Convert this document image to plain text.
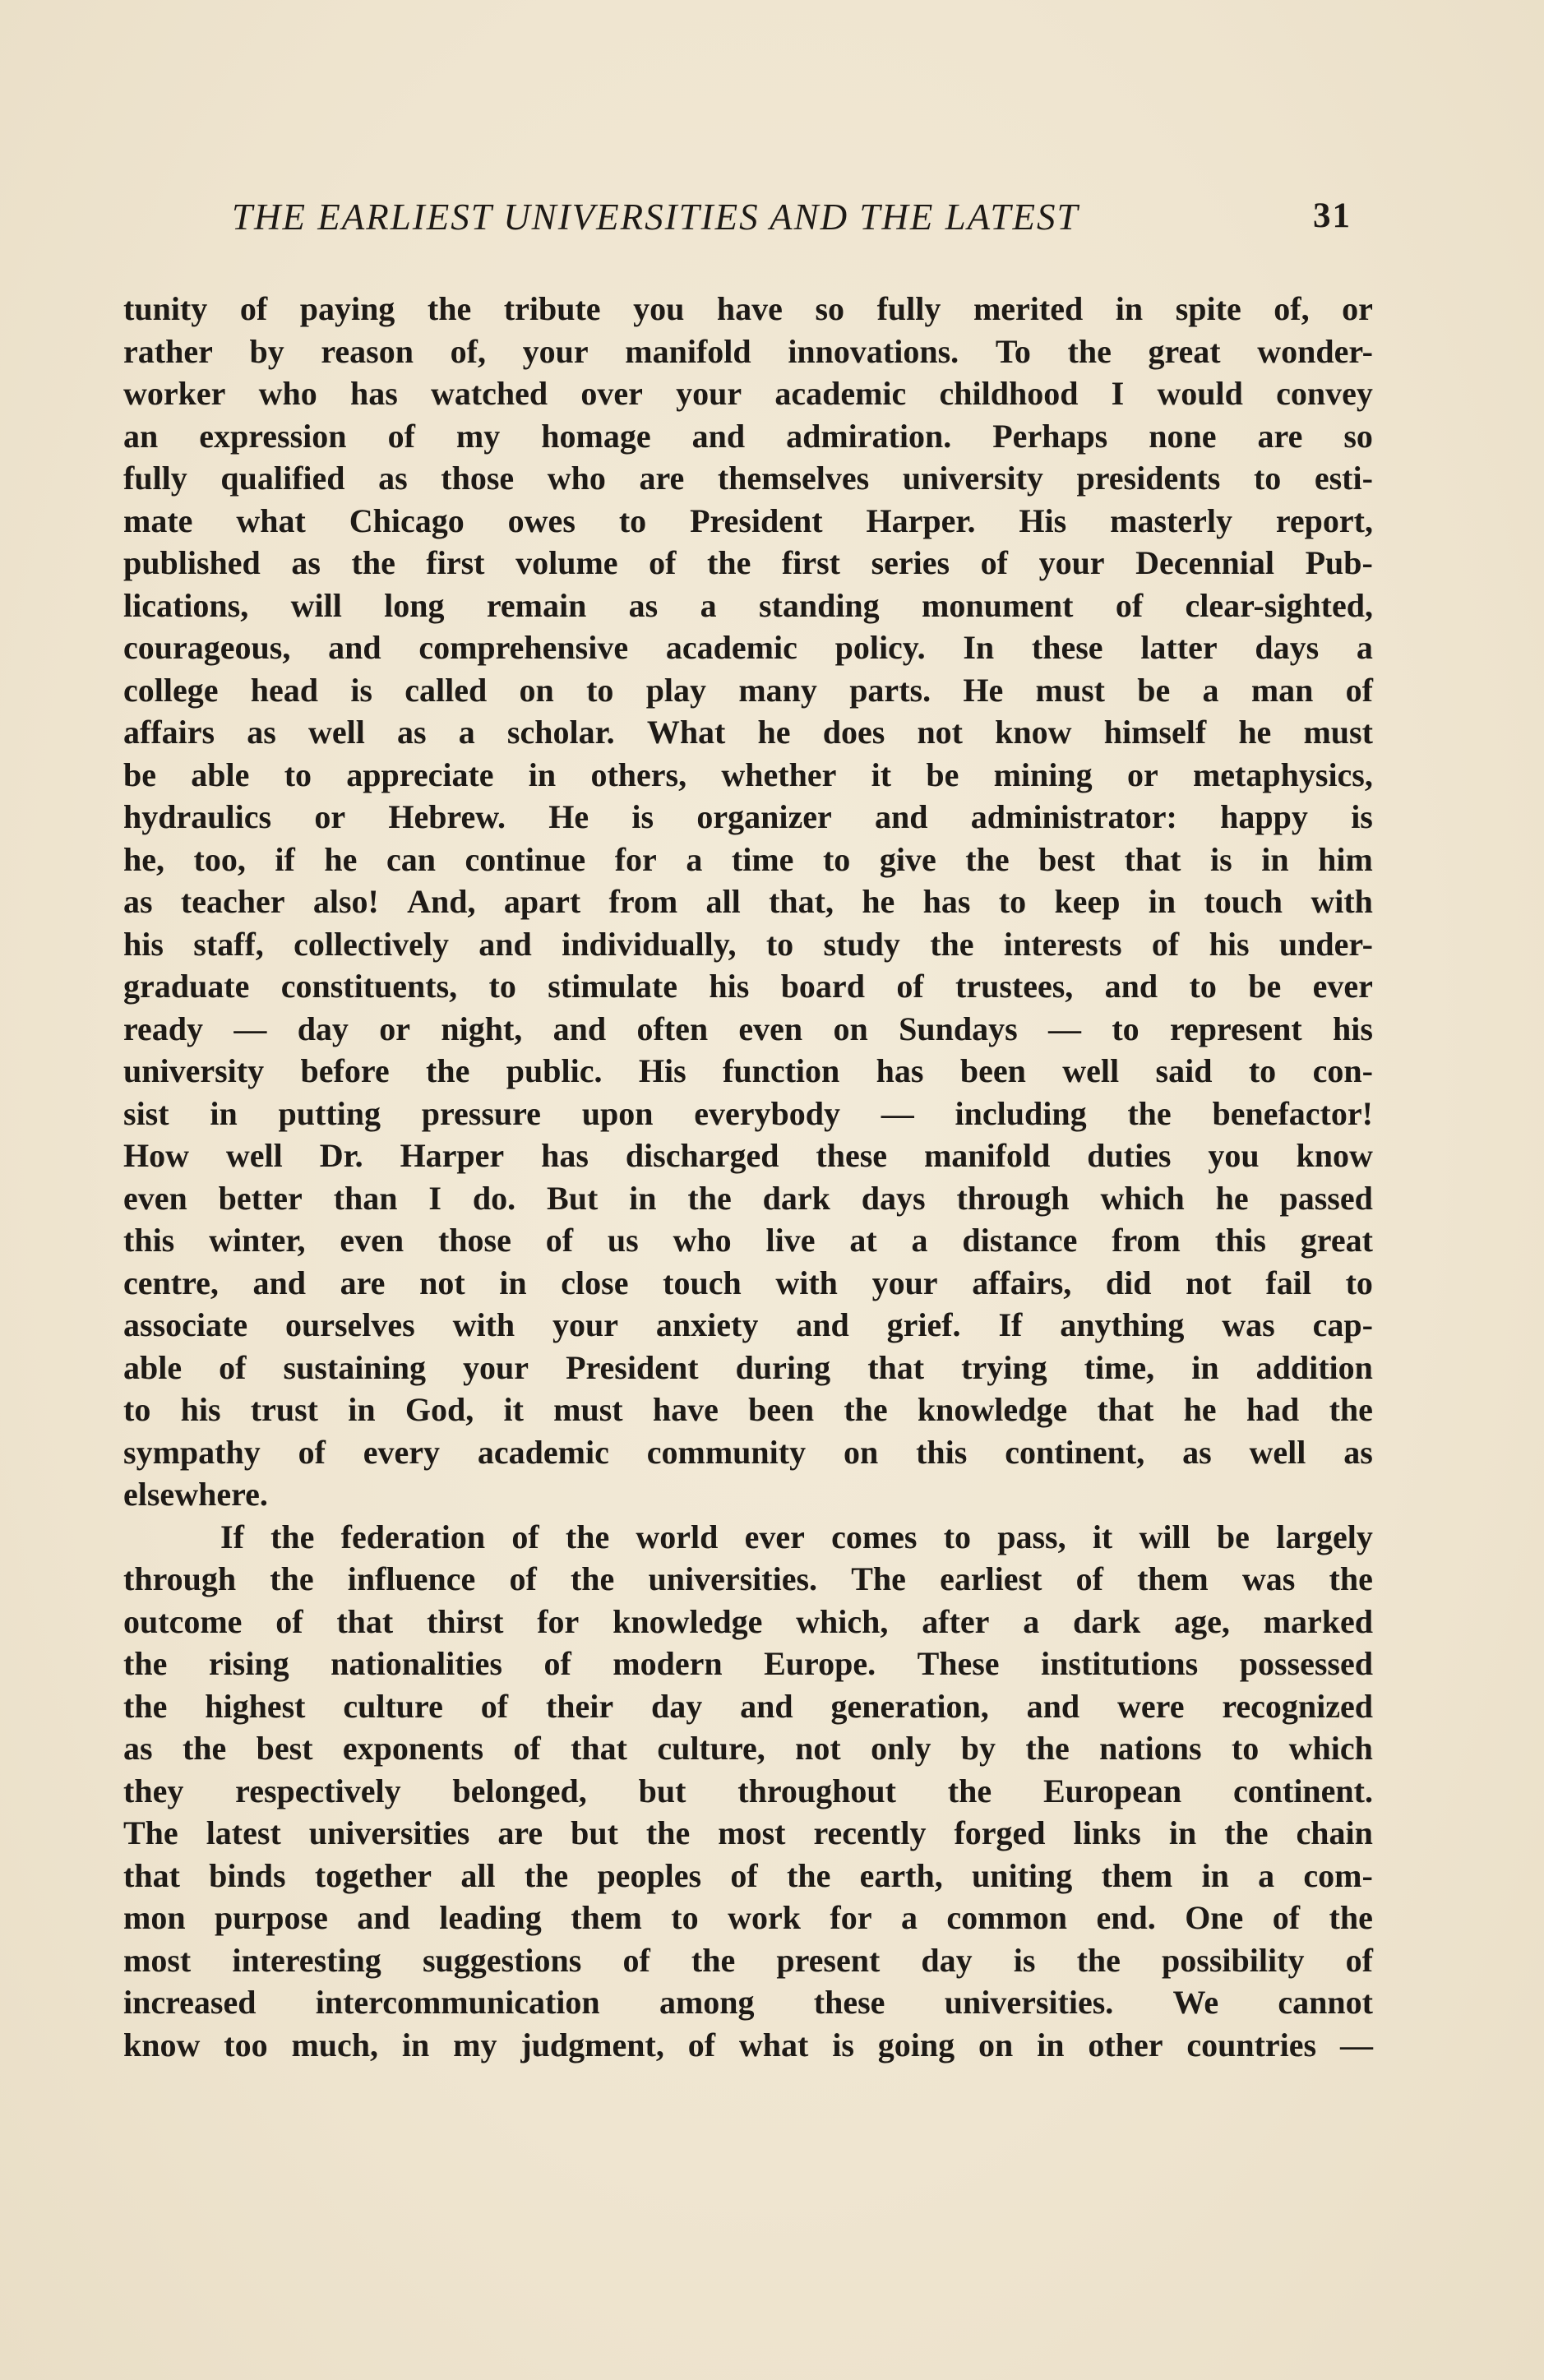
THE EARLIEST UNIVERSITIES AND THE LATEST	31
tunity of paying the tribute you have so fully merited in spite of, or
rather by reason of, your manifold innovations. To the great wonder-
worker who has watched over your academic childhood I would convey
an expression of my homage and admiration. Perhaps none are so
fully qualified as those who are themselves university presidents to esti-
mate what Chicago owes to President Harper. His masterly report,
published as the first volume of the first series of your Decennial Pub-
lications, will long remain as a standing monument of clear-sighted,
courageous, and comprehensive academic policy. In these latter days a
college head is called on to play many parts. He must be a man of
affairs as well as a scholar. What he does not know himself he must
be able to appreciate in others, whether it be mining or metaphysics,
hydraulics or Hebrew. He is organizer and administrator: happy is
he, too, if he can continue for a time to give the best that is in him
as teacher also! And, apart from all that, he has to keep in touch with
his staff, collectively and individually, to study the interests of his under-
graduate constituents, to stimulate his board of trustees, and to be ever
ready — day or night, and often even on Sundays — to represent his
university before the public. His function has been well said to con-
sist in putting pressure upon everybody — including the benefactor!
How well Dr. Harper has discharged these manifold duties you know
even better than I do. But in the dark days through which he passed
this winter, even those of us who live at a distance from this great
centre, and are not in close touch with your affairs, did not fail to
associate ourselves with your anxiety and grief. If anything was cap-
able of sustaining your President during that trying time, in addition
to his trust in God, it must have been the knowledge that he had the
sympathy of every academic community on this continent, as well as
elsewhere.
If the federation of the world ever comes to pass, it will be largely
through the influence of the universities. The earliest of them was the
outcome of that thirst for knowledge which, after a dark age, marked
the rising nationalities of modern Europe. These institutions possessed
the highest culture of their day and generation, and were recognized
as the best exponents of that culture, not only by the nations to which
they respectively belonged, but throughout the European continent.
The latest universities are but the most recently forged links in the chain
that binds together all the peoples of the earth, uniting them in a com-
mon purpose and leading them to work for a common end. One of the
most interesting suggestions of the present day is the possibility of
increased intercommunication among these universities. We cannot
know too much, in my judgment, of what is going on in other countries —
